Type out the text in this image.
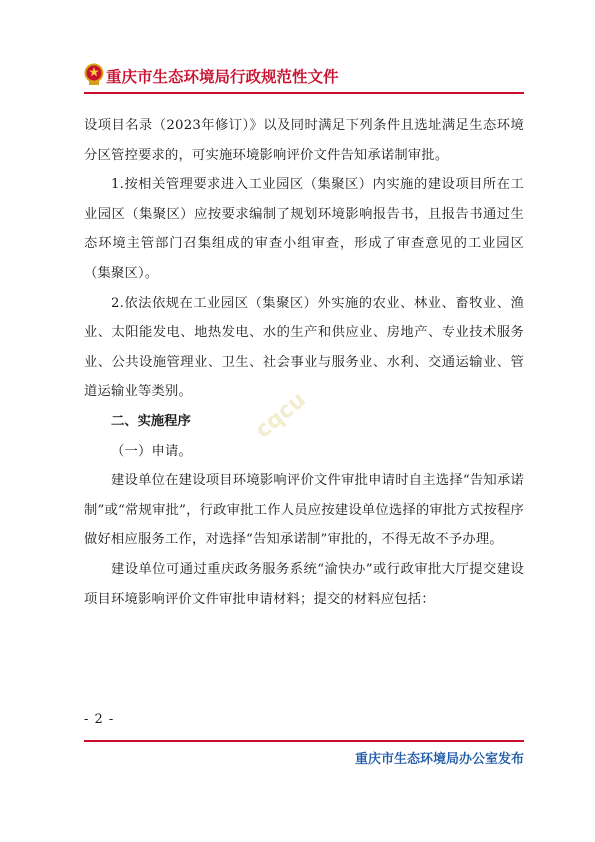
重庆市生态环境局行政规范性文件

设项目名录（2023年修订）》以及同时满足下列条件且选址满足生态环境分区管控要求的，可实施环境影响评价文件告知承诺制审批。

1.按相关管理要求进入工业园区（集聚区）内实施的建设项目所在工业园区（集聚区）应按要求编制了规划环境影响报告书，且报告书通过生态环境主管部门召集组成的审查小组审查，形成了审查意见的工业园区（集聚区）。

2.依法依规在工业园区（集聚区）外实施的农业、林业、畜牧业、渔业、太阳能发电、地热发电、水的生产和供应业、房地产、专业技术服务业、公共设施管理业、卫生、社会事业与服务业、水利、交通运输业、管道运输业等类别。

二、实施程序

（一）申请。

建设单位在建设项目环境影响评价文件审批申请时自主选择“告知承诺制”或“常规审批”，行政审批工作人员应按建设单位选择的审批方式按程序做好相应服务工作，对选择“告知承诺制”审批的，不得无故不予办理。

建设单位可通过重庆政务服务系统“渝快办”或行政审批大厅提交建设项目环境影响评价文件审批申请材料；提交的材料应包括：

cqcu
- 2 -
重庆市生态环境局办公室发布
